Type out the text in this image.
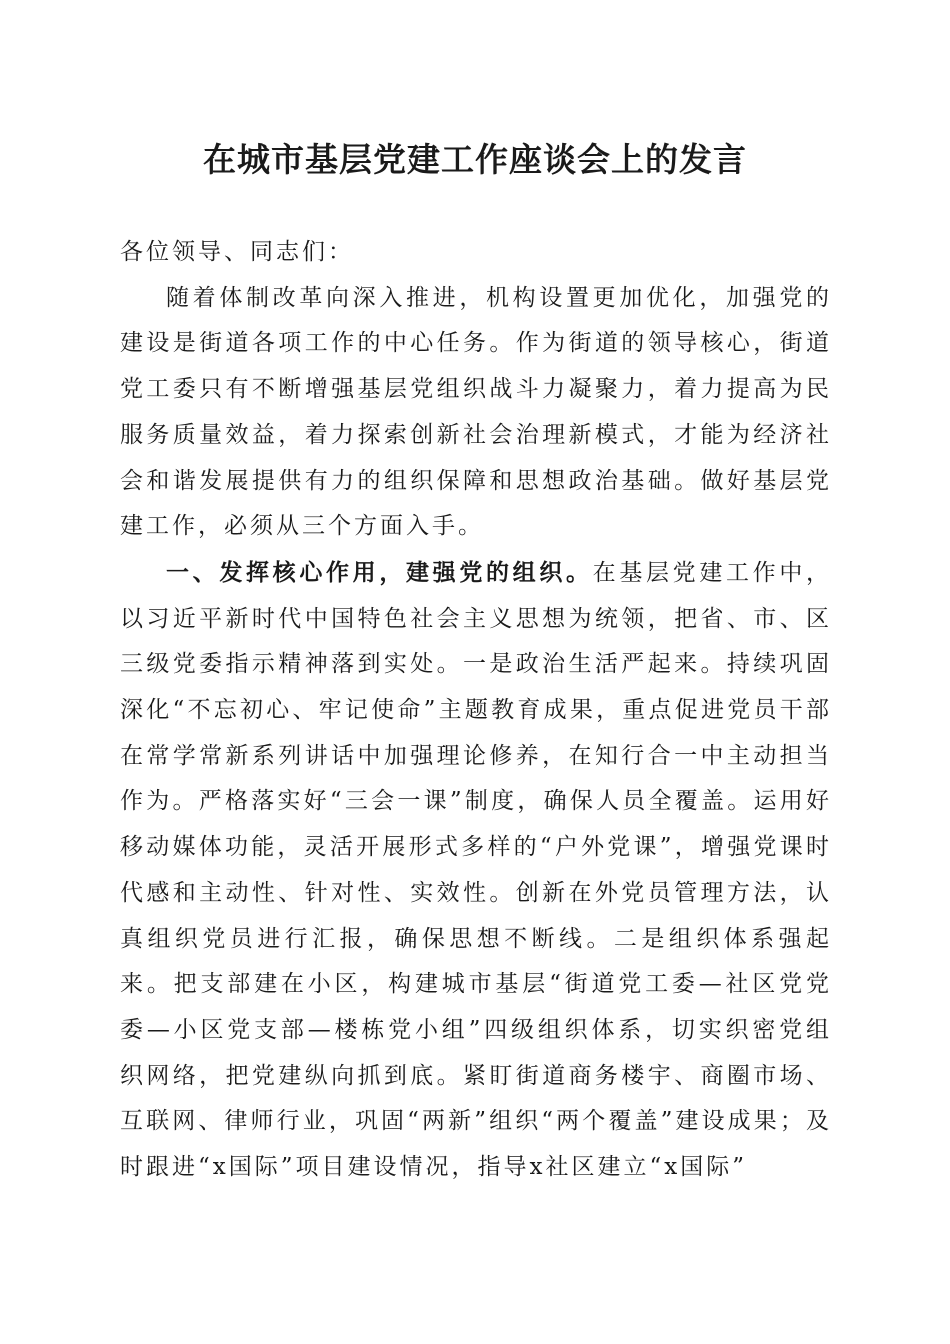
在城市基层党建工作座谈会上的发言

各位领导、同志们：

随着体制改革向深入推进，机构设置更加优化，加强党的建设是街道各项工作的中心任务。作为街道的领导核心，街道党工委只有不断增强基层党组织战斗力凝聚力，着力提高为民服务质量效益，着力探索创新社会治理新模式，才能为经济社会和谐发展提供有力的组织保障和思想政治基础。做好基层党建工作，必须从三个方面入手。

一、发挥核心作用，建强党的组织。在基层党建工作中，以习近平新时代中国特色社会主义思想为统领，把省、市、区三级党委指示精神落到实处。一是政治生活严起来。持续巩固深化“不忘初心、牢记使命”主题教育成果，重点促进党员干部在常学常新系列讲话中加强理论修养，在知行合一中主动担当作为。严格落实好“三会一课”制度，确保人员全覆盖。运用好移动媒体功能，灵活开展形式多样的“户外党课”，增强党课时代感和主动性、针对性、实效性。创新在外党员管理方法，认真组织党员进行汇报，确保思想不断线。二是组织体系强起来。把支部建在小区，构建城市基层“街道党工委—社区党党委—小区党支部—楼栋党小组”四级组织体系，切实织密党组织网络，把党建纵向抓到底。紧盯街道商务楼宇、商圈市场、互联网、律师行业，巩固“两新”组织“两个覆盖”建设成果；及时跟进“x国际”项目建设情况，指导x社区建立“x国际”
